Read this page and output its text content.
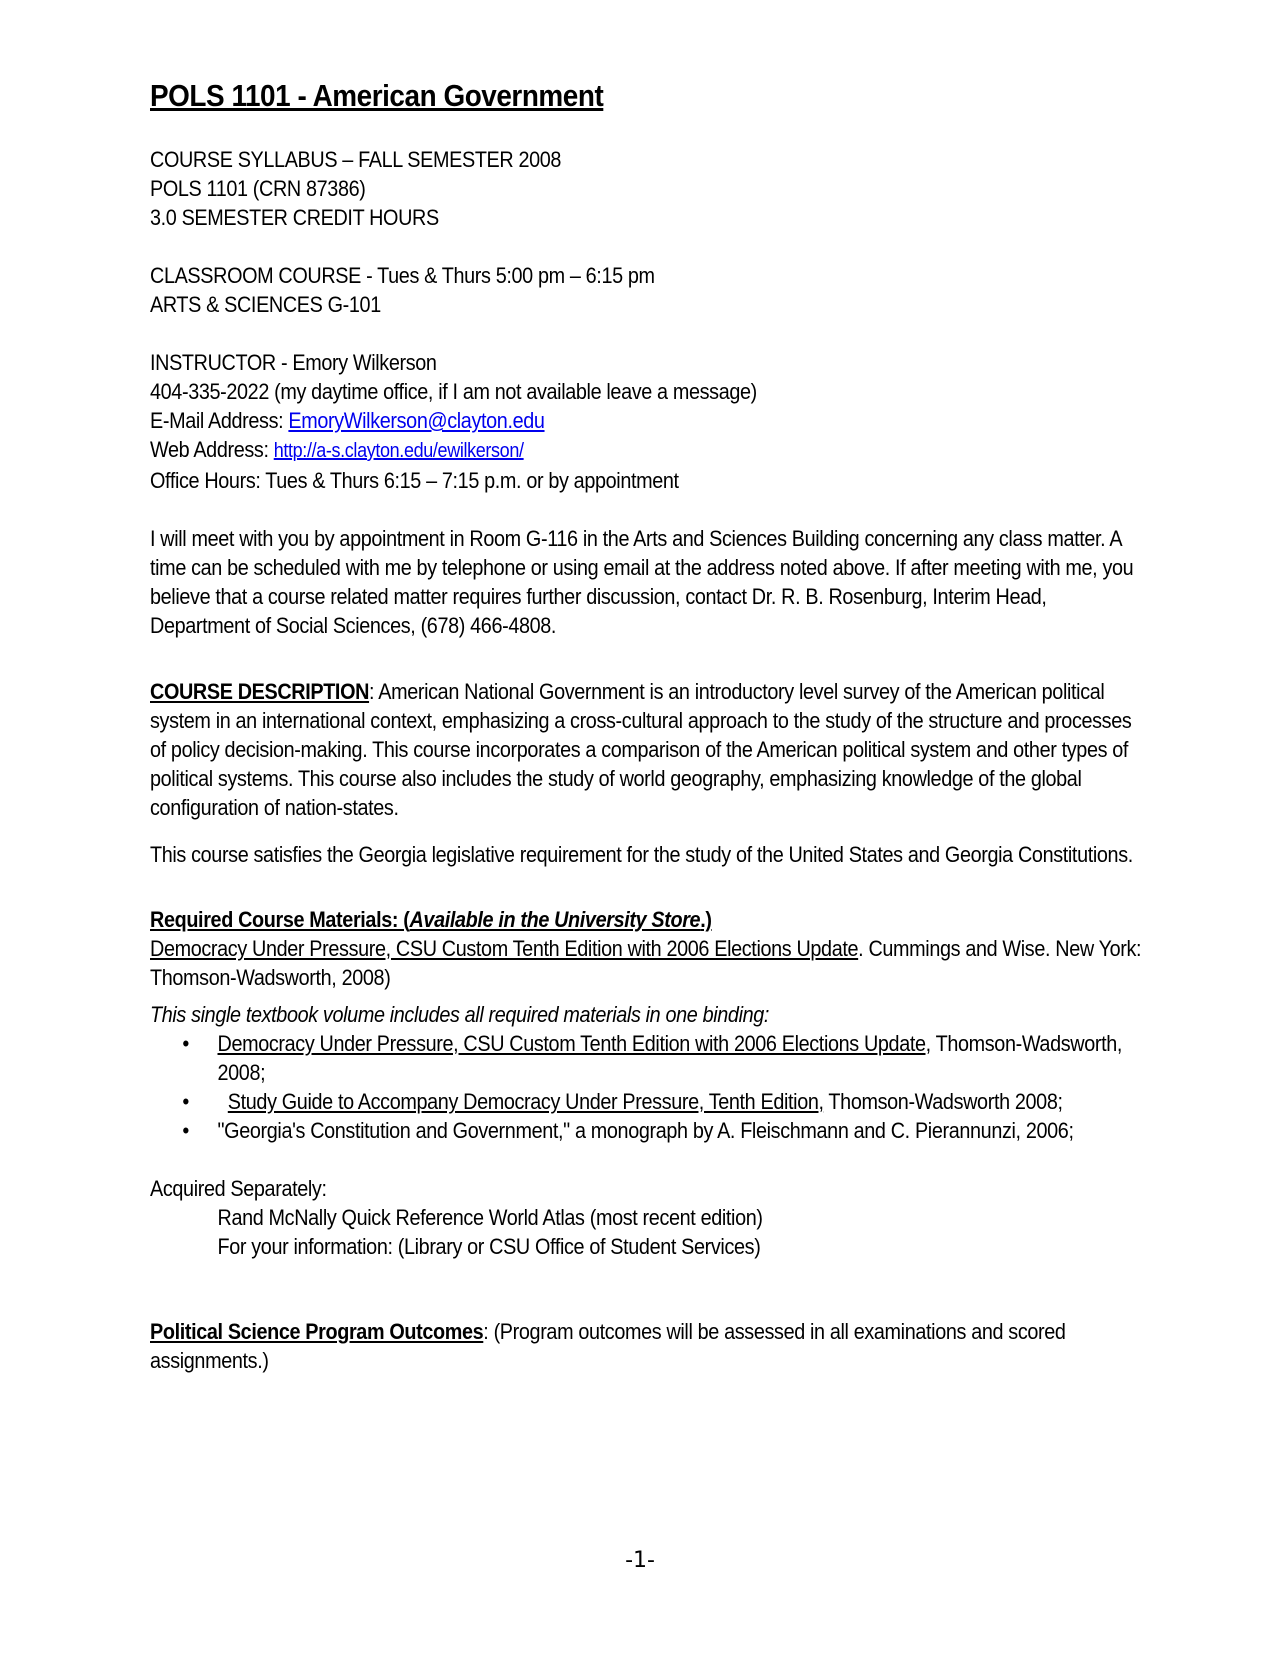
POLS 1101 - American Government
COURSE SYLLABUS – FALL SEMESTER 2008
POLS 1101 (CRN 87386)
3.0 SEMESTER CREDIT HOURS
CLASSROOM COURSE - Tues & Thurs 5:00 pm – 6:15 pm
ARTS & SCIENCES G-101
INSTRUCTOR - Emory Wilkerson
404-335-2022 (my daytime office, if I am not available leave a message)
E-Mail Address: EmoryWilkerson@clayton.edu
Web Address: http://a-s.clayton.edu/ewilkerson/
Office Hours: Tues & Thurs 6:15 – 7:15 p.m. or by appointment

I will meet with you by appointment in Room G-116 in the Arts and Sciences Building concerning any class matter. A time can be scheduled with me by telephone or using email at the address noted above. If after meeting with me, you believe that a course related matter requires further discussion, contact Dr. R. B. Rosenburg, Interim Head, Department of Social Sciences, (678) 466-4808.

COURSE DESCRIPTION: American National Government is an introductory level survey of the American political system in an international context, emphasizing a cross-cultural approach to the study of the structure and processes of policy decision-making. This course incorporates a comparison of the American political system and other types of political systems. This course also includes the study of world geography, emphasizing knowledge of the global configuration of nation-states.

This course satisfies the Georgia legislative requirement for the study of the United States and Georgia Constitutions.

Required Course Materials: (Available in the University Store.)

Democracy Under Pressure, CSU Custom Tenth Edition with 2006 Elections Update. Cummings and Wise. New York: Thomson-Wadsworth, 2008)

This single textbook volume includes all required materials in one binding:

• Democracy Under Pressure, CSU Custom Tenth Edition with 2006 Elections Update, Thomson-Wadsworth, 2008;
• Study Guide to Accompany Democracy Under Pressure, Tenth Edition, Thomson-Wadsworth 2008;
• "Georgia's Constitution and Government," a monograph by A. Fleischmann and C. Pierannunzi, 2006;
Acquired Separately:
Rand McNally Quick Reference World Atlas (most recent edition)
For your information: (Library or CSU Office of Student Services)

Political Science Program Outcomes: (Program outcomes will be assessed in all examinations and scored assignments.)

-1-
